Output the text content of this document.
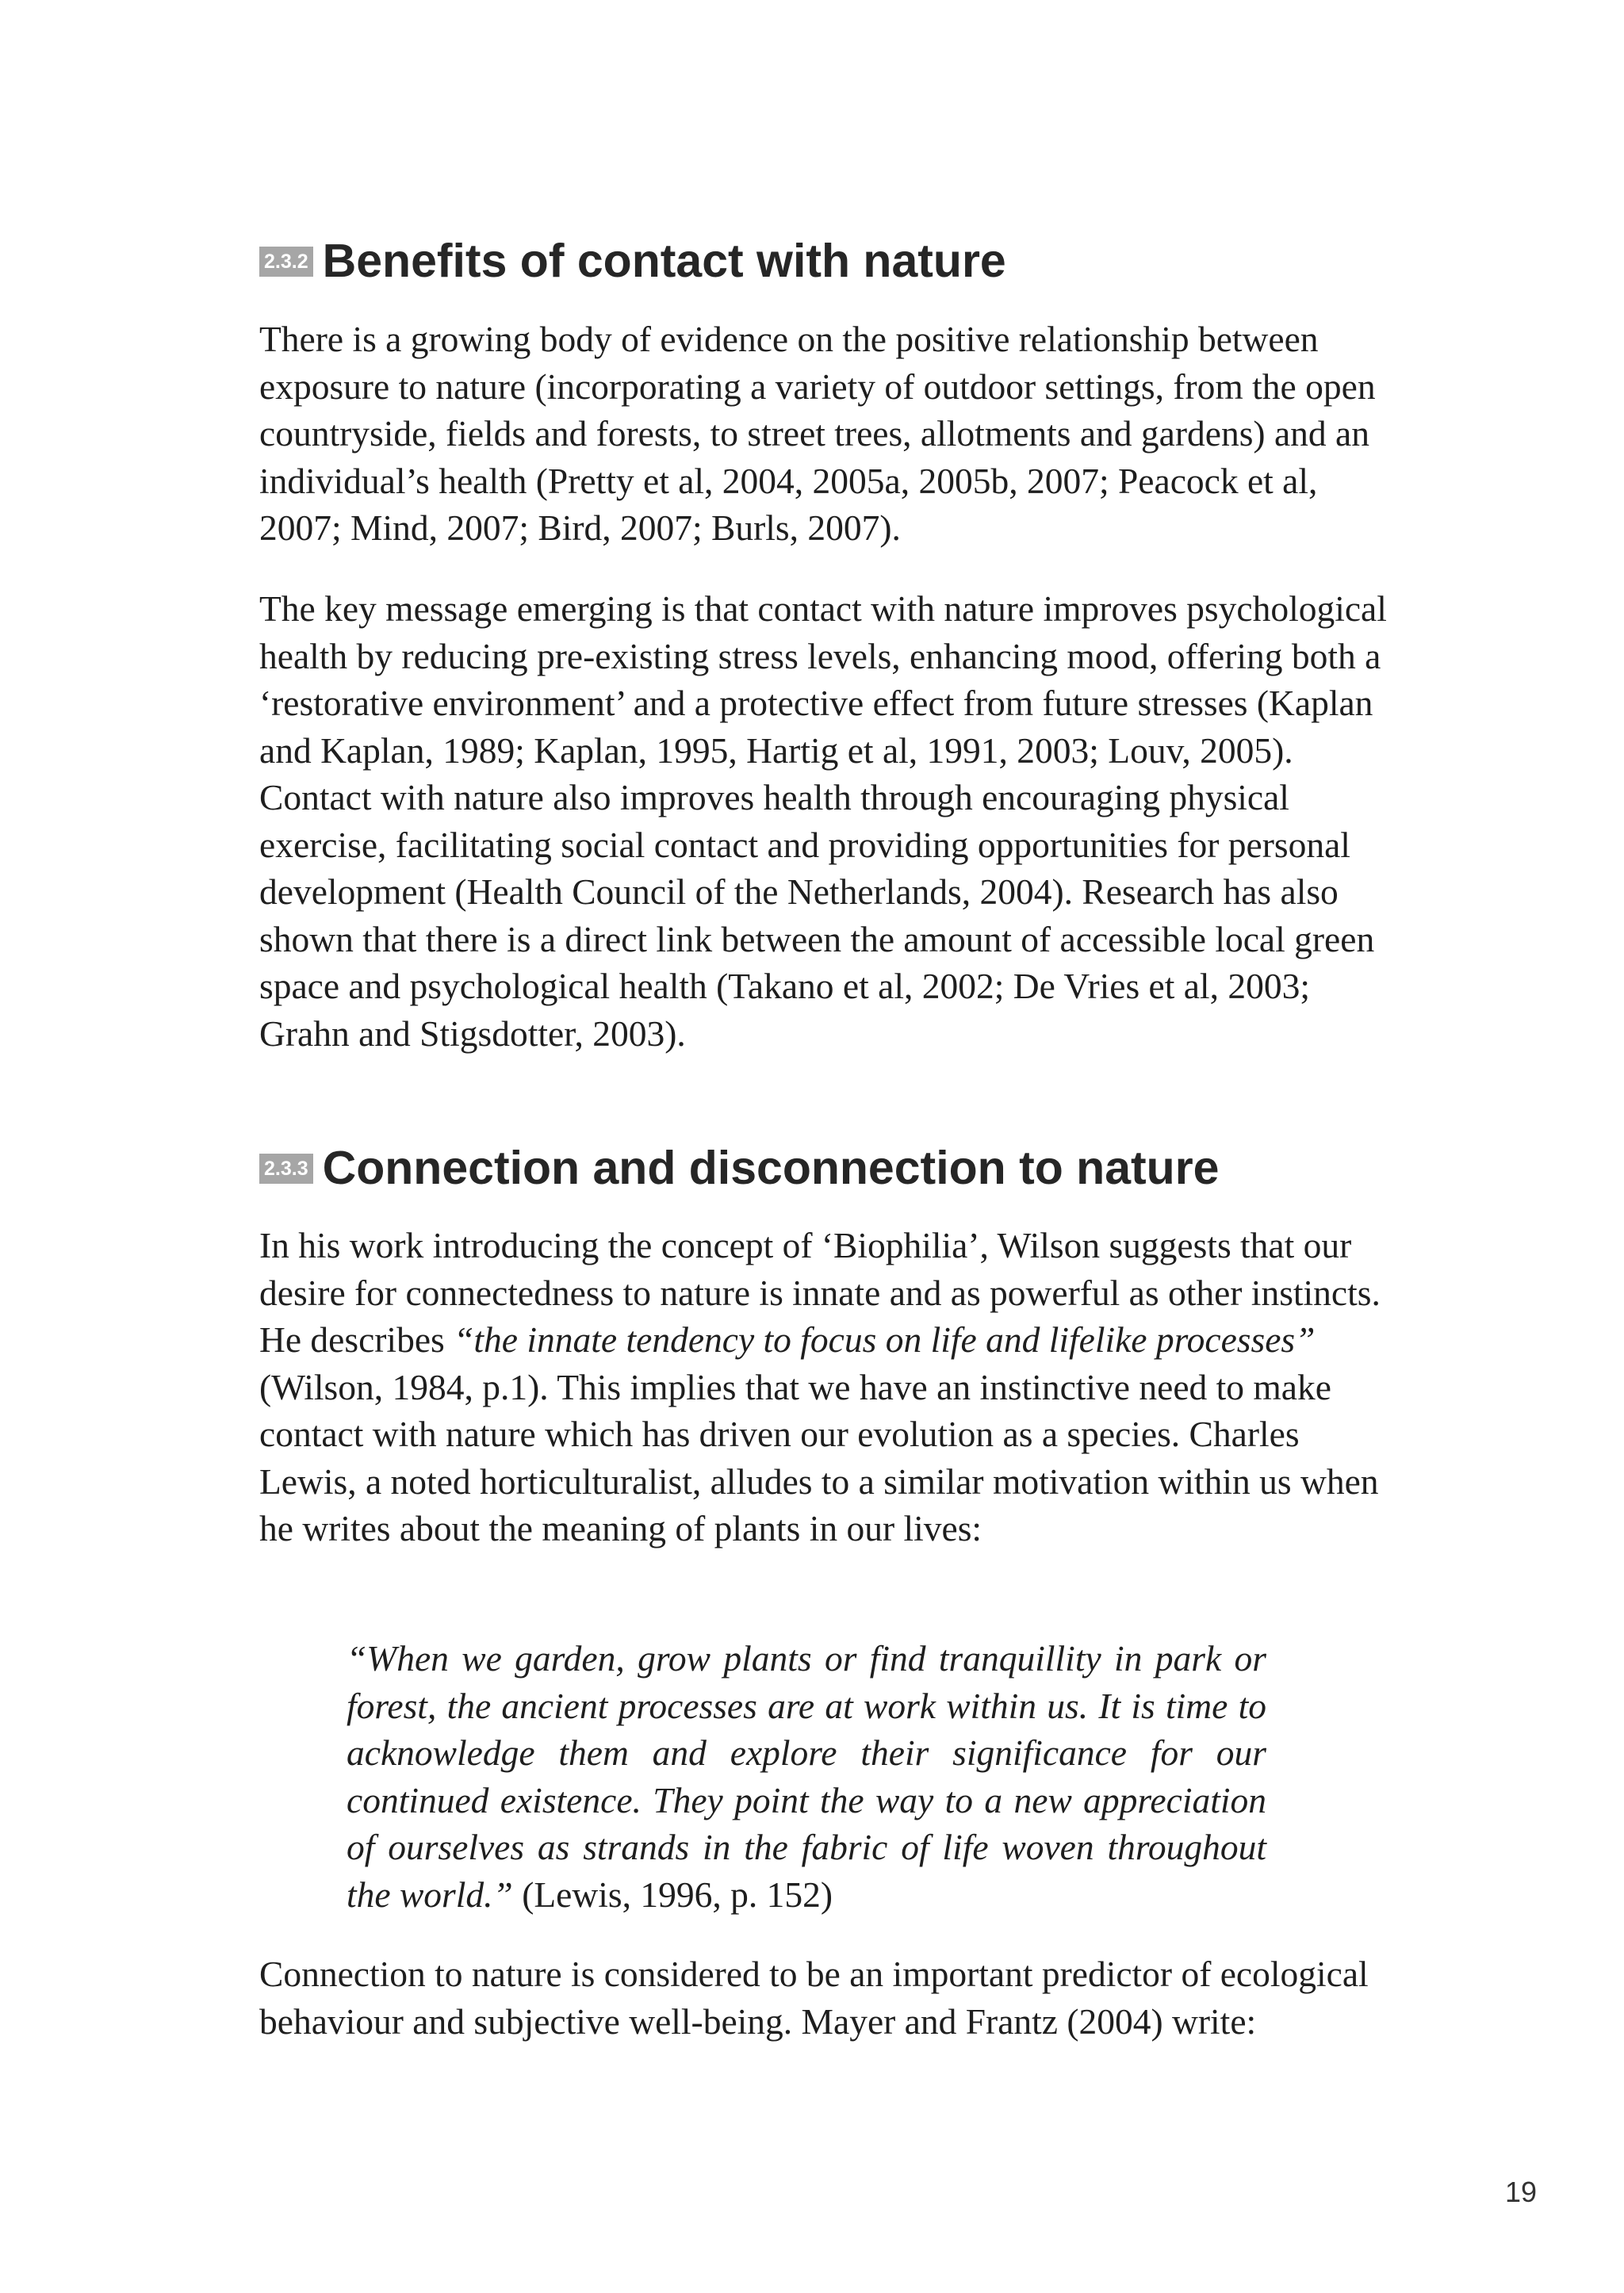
2.3.2 Benefits of contact with nature

There is a growing body of evidence on the positive relationship between exposure to nature (incorporating a variety of outdoor settings, from the open countryside, fields and forests, to street trees, allotments and gardens) and an individual’s health (Pretty et al, 2004, 2005a, 2005b, 2007; Peacock et al, 2007; Mind, 2007; Bird, 2007; Burls, 2007).

The key message emerging is that contact with nature improves psychological health by reducing pre-existing stress levels, enhancing mood, offering both a ‘restorative environment’ and a protective effect from future stresses (Kaplan and Kaplan, 1989; Kaplan, 1995, Hartig et al, 1991, 2003; Louv, 2005). Contact with nature also improves health through encouraging physical exercise, facilitating social contact and providing opportunities for personal development (Health Council of the Netherlands, 2004). Research has also shown that there is a direct link between the amount of accessible local green space and psychological health (Takano et al, 2002; De Vries et al, 2003; Grahn and Stigsdotter, 2003).

2.3.3 Connection and disconnection to nature

In his work introducing the concept of ‘Biophilia’, Wilson suggests that our desire for connectedness to nature is innate and as powerful as other instincts. He describes “the innate tendency to focus on life and lifelike processes” (Wilson, 1984, p.1). This implies that we have an instinctive need to make contact with nature which has driven our evolution as a species. Charles Lewis, a noted horticulturalist, alludes to a similar motivation within us when he writes about the meaning of plants in our lives:

“When we garden, grow plants or find tranquillity in park or forest, the ancient processes are at work within us. It is time to acknowledge them and explore their significance for our continued existence. They point the way to a new appreciation of ourselves as strands in the fabric of life woven throughout the world.” (Lewis, 1996, p. 152)

Connection to nature is considered to be an important predictor of ecological behaviour and subjective well-being. Mayer and Frantz (2004) write:

19
